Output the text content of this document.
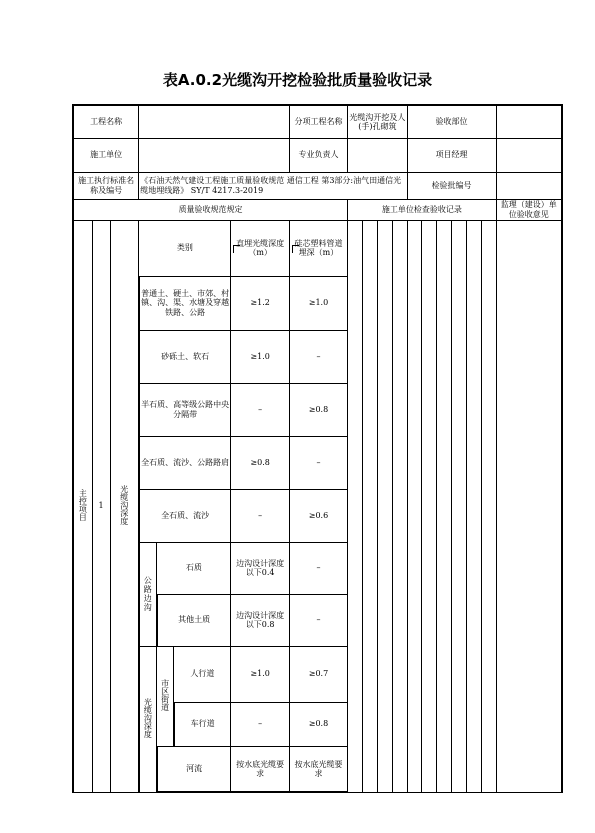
表A.0.2光缆沟开挖检验批质量验收记录
工程名称							分项工程名称	光缆沟开挖及人(手)孔砌筑				验收部位						
施工单位							专业负责人					项目经理						
施工执行标准名称及编号			《石油天然气建设工程施工质量验收规范 通信工程 第3部分:油气田通信光缆地埋线路》 SY/T 4217.3-2019									检验批编号						
质量验收规范规定								施工单位检查验收记录										监理（建设）单位验收意见
主控项目	1	光缆沟深度	类别			直埋光缆深度（m）	硅芯塑料管道埋深（m）											

			普通土、硬土、市郊、村镇、沟、渠、水塘及穿越铁路、公路			≥1.2	≥1.0											
			砂砾土、软石			≥1.0	–											
			半石质、高等级公路中央分隔带			–	≥0.8											
			全石质、流沙、公路路肩			≥0.8	–											
			全石质、流沙			–	≥0.6											
			公路边沟	石质		边沟设计深度以下0.4	–											
				其他土质		边沟设计深度以下0.8	–											
			光缆沟深度	市区街道	人行道	≥1.0	≥0.7											
					车行道	–	≥0.8											
				河流		按水底光缆要求	按水底光缆要求											
